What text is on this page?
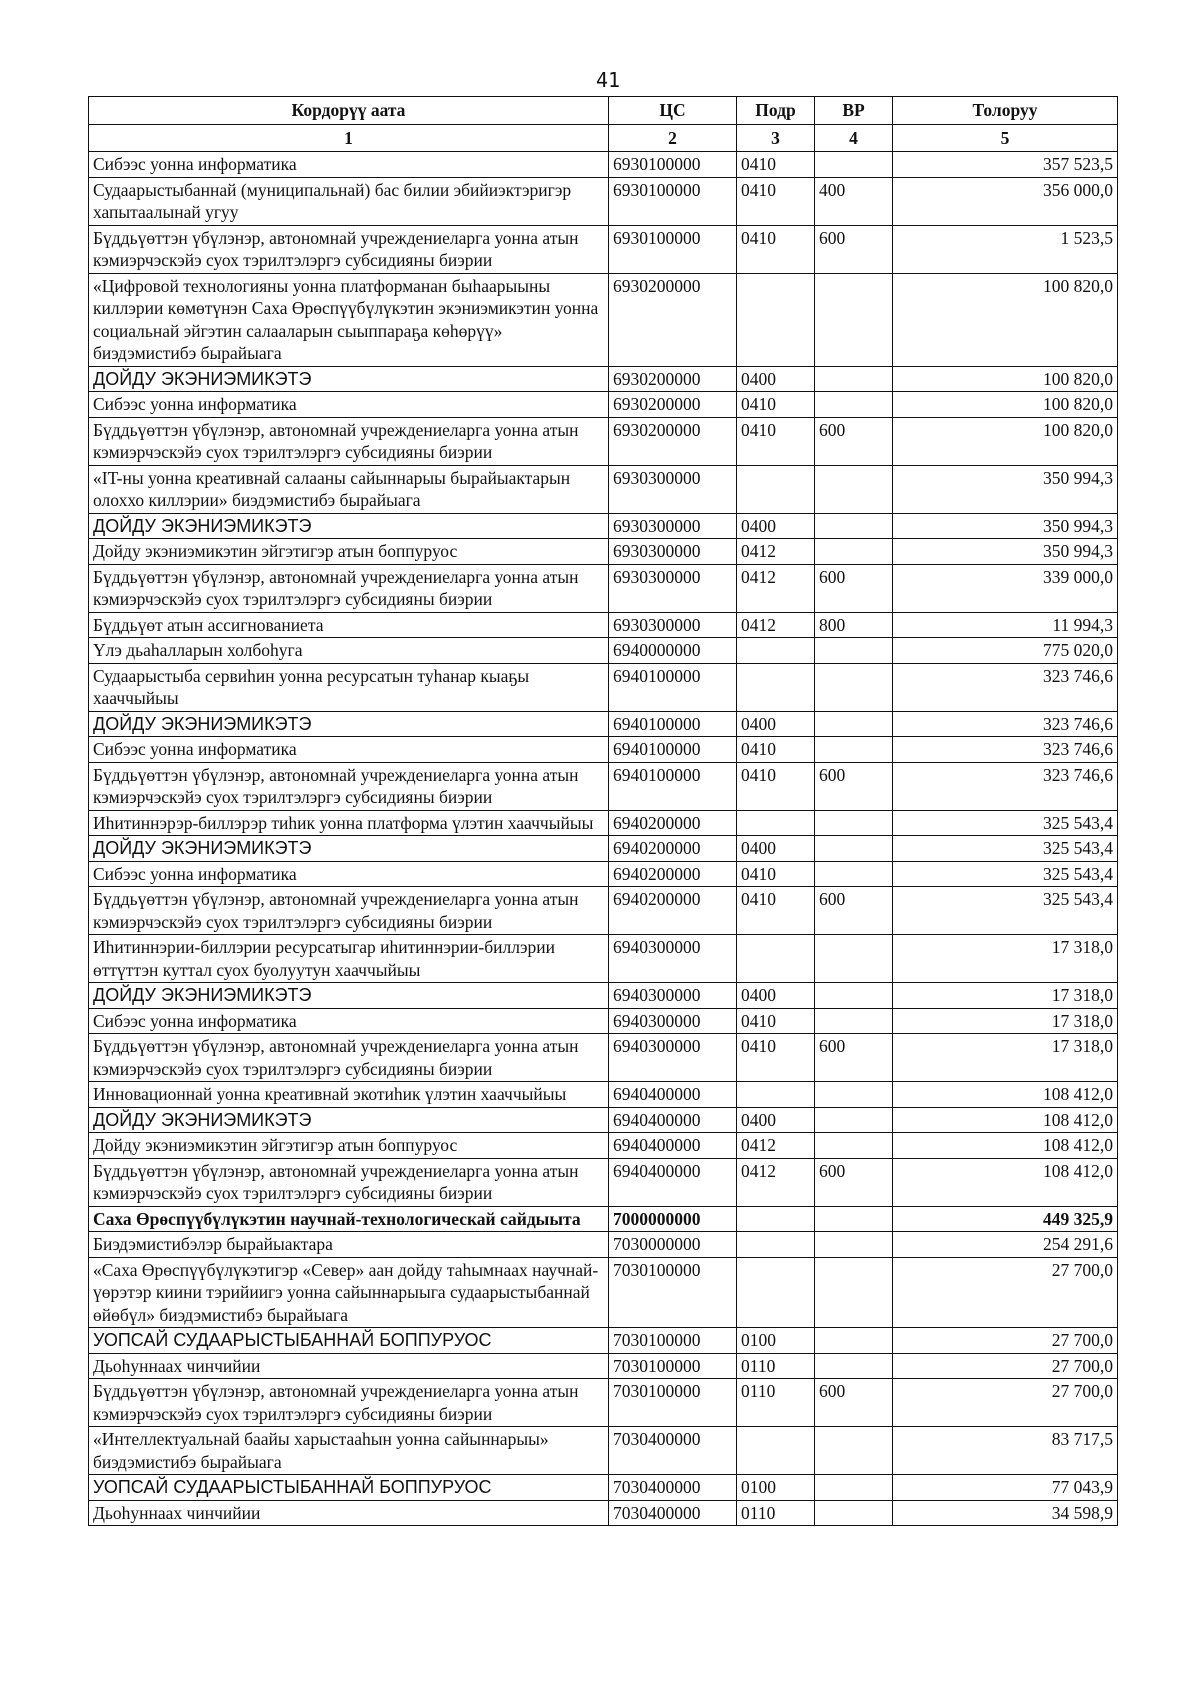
41
Кордорүү аата	ЦС	Подр	ВР	Толоруу
1	2	3	4	5
Сибээс уонна информатика	6930100000	0410		357 523,5
Судаарыстыбаннай (муниципальнай) бас билии эбийиэктэригэр хапытаалынай угуу	6930100000	0410	400	356 000,0
Бүддьүөттэн үбүлэнэр, автономнай учреждениеларга уонна атын кэмиэрчэскэйэ суох тэрилтэлэргэ субсидияны биэрии	6930100000	0410	600	1 523,5
«Цифровой технологияны уонна платформанан быһаарыыны киллэрии көмөтүнэн Саха Өрөспүүбүлүкэтин экэниэмикэтин уонна социальнай эйгэтин салааларын сыыппараҕа көһөрүү» биэдэмистибэ бырайыага	6930200000			100 820,0
ДОЙДУ ЭКЭНИЭМИКЭТЭ	6930200000	0400		100 820,0
Сибээс уонна информатика	6930200000	0410		100 820,0
Бүддьүөттэн үбүлэнэр, автономнай учреждениеларга уонна атын кэмиэрчэскэйэ суох тэрилтэлэргэ субсидияны биэрии	6930200000	0410	600	100 820,0
«IT-ны уонна креативнай салааны сайыннарыы бырайыактарын олоххо киллэрии» биэдэмистибэ бырайыага	6930300000			350 994,3
ДОЙДУ ЭКЭНИЭМИКЭТЭ	6930300000	0400		350 994,3
Дойду экэниэмикэтин эйгэтигэр атын боппуруос	6930300000	0412		350 994,3
Бүддьүөттэн үбүлэнэр, автономнай учреждениеларга уонна атын кэмиэрчэскэйэ суох тэрилтэлэргэ субсидияны биэрии	6930300000	0412	600	339 000,0
Бүддьүөт атын ассигнованиета	6930300000	0412	800	11 994,3
Үлэ дьаһалларын холбоһуга	6940000000			775 020,0
Судаарыстыба сервиһин уонна ресурсатын туһанар кыаҕы хааччыйыы	6940100000			323 746,6
ДОЙДУ ЭКЭНИЭМИКЭТЭ	6940100000	0400		323 746,6
Сибээс уонна информатика	6940100000	0410		323 746,6
Бүддьүөттэн үбүлэнэр, автономнай учреждениеларга уонна атын кэмиэрчэскэйэ суох тэрилтэлэргэ субсидияны биэрии	6940100000	0410	600	323 746,6
Иһитиннэрэр-биллэрэр тиһик уонна платформа үлэтин хааччыйыы	6940200000			325 543,4
ДОЙДУ ЭКЭНИЭМИКЭТЭ	6940200000	0400		325 543,4
Сибээс уонна информатика	6940200000	0410		325 543,4
Бүддьүөттэн үбүлэнэр, автономнай учреждениеларга уонна атын кэмиэрчэскэйэ суох тэрилтэлэргэ субсидияны биэрии	6940200000	0410	600	325 543,4
Иһитиннэрии-биллэрии ресурсатыгар иһитиннэрии-биллэрии өттүттэн куттал суох буолуутун хааччыйыы	6940300000			17 318,0
ДОЙДУ ЭКЭНИЭМИКЭТЭ	6940300000	0400		17 318,0
Сибээс уонна информатика	6940300000	0410		17 318,0
Бүддьүөттэн үбүлэнэр, автономнай учреждениеларга уонна атын кэмиэрчэскэйэ суох тэрилтэлэргэ субсидияны биэрии	6940300000	0410	600	17 318,0
Инновационнай уонна креативнай экотиһик үлэтин хааччыйыы	6940400000			108 412,0
ДОЙДУ ЭКЭНИЭМИКЭТЭ	6940400000	0400		108 412,0
Дойду экэниэмикэтин эйгэтигэр атын боппуруос	6940400000	0412		108 412,0
Бүддьүөттэн үбүлэнэр, автономнай учреждениеларга уонна атын кэмиэрчэскэйэ суох тэрилтэлэргэ субсидияны биэрии	6940400000	0412	600	108 412,0
Саха Өрөспүүбүлүкэтин научнай-технологическай сайдыыта	7000000000			449 325,9
Биэдэмистибэлэр бырайыактара	7030000000			254 291,6
«Саха Өрөспүүбүлүкэтигэр «Север» аан дойду таһымнаах научнай-үөрэтэр киини тэрийиигэ уонна сайыннарыыга судаарыстыбаннай өйөбүл» биэдэмистибэ бырайыага	7030100000			27 700,0
УОПСАЙ СУДААРЫСТЫБАННАЙ БОППУРУОС	7030100000	0100		27 700,0
Дьоһуннаах чинчийии	7030100000	0110		27 700,0
Бүддьүөттэн үбүлэнэр, автономнай учреждениеларга уонна атын кэмиэрчэскэйэ суох тэрилтэлэргэ субсидияны биэрии	7030100000	0110	600	27 700,0
«Интеллектуальнай баайы харыстааһын уонна сайыннарыы» биэдэмистибэ бырайыага	7030400000			83 717,5
УОПСАЙ СУДААРЫСТЫБАННАЙ БОППУРУОС	7030400000	0100		77 043,9
Дьоһуннаах чинчийии	7030400000	0110		34 598,9
